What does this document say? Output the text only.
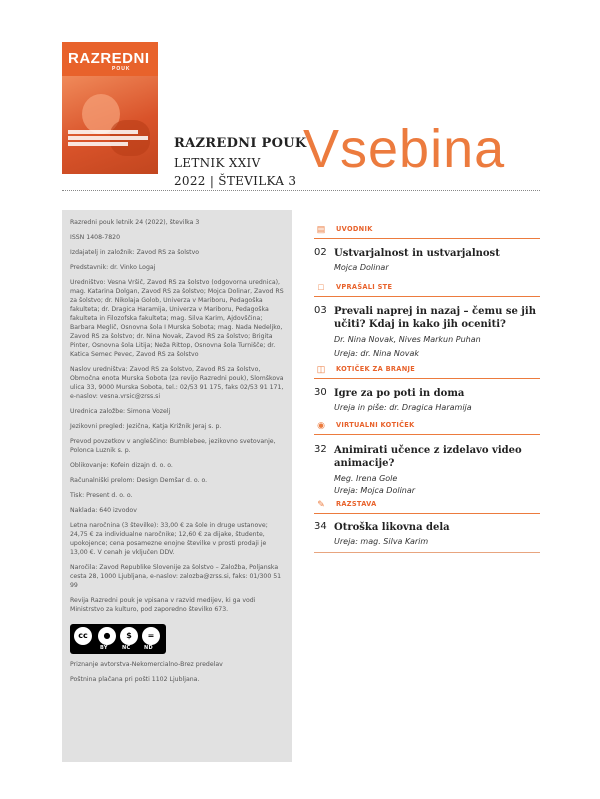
RAZREDNI
POUK
RAZREDNI POUK
LETNIK XXIV
2022 | ŠTEVILKA 3
Vsebina

Razredni pouk letnik 24 (2022), številka 3

ISSN 1408-7820

Izdajatelj in založnik: Zavod RS za šolstvo

Predstavnik: dr. Vinko Logaj

Uredništvo: Vesna Vršič, Zavod RS za šolstvo (odgovorna urednica), mag. Katarina Dolgan, Zavod RS za šolstvo; Mojca Dolinar, Zavod RS za šolstvo; dr. Nikolaja Golob, Univerza v Mariboru, Pedagoška fakulteta; dr. Dragica Haramija, Univerza v Mariboru, Pedagoška fakulteta in Filozofska fakulteta; mag. Silva Karim, Ajdovščina; Barbara Meglič, Osnovna šola I Murska Sobota; mag. Nada Nedeljko, Zavod RS za šolstvo; dr. Nina Novak, Zavod RS za šolstvo; Brigita Pinter, Osnovna šola Litija; Neža Rittop, Osnovna šola Turnišče; dr. Katica Semec Pevec, Zavod RS za šolstvo

Naslov uredništva: Zavod RS za šolstvo, Zavod RS za šolstvo, Območna enota Murska Sobota (za revijo Razredni pouk), Slomškova ulica 33, 9000 Murska Sobota, tel.: 02/53 91 175, faks 02/53 91 171, e-naslov: vesna.vrsic@zrss.si

Urednica založbe: Simona Vozelj

Jezikovni pregled: Jezičnа, Katja Križnik Jeraj s. p.

Prevod povzetkov v angleščino: Bumblebee, jezikovno svetovanje, Polonca Luznik s. p.

Oblikovanje: Kofein dizajn d. o. o.

Računalniški prelom: Design Demšar d. o. o.

Tisk: Present d. o. o.

Naklada: 640 izvodov

Letna naročnina (3 številke): 33,00 € za šole in druge ustanove; 24,75 € za individualne naročnike; 12,60 € za dijake, študente, upokojence; cena posamezne enojne številke v prosti prodaji je 13,00 €. V cenah je vključen DDV.

Naročila: Zavod Republike Slovenije za šolstvo – Založba, Poljanska cesta 28, 1000 Ljubljana, e-naslov: zalozba@zrss.si, faks: 01/300 51 99

Revija Razredni pouk je vpisana v razvid medijev, ki ga vodi Ministrstvo za kulturo, pod zaporedno številko 673.

cc	●	$	=
BY	NC	ND

Priznanje avtorstva-Nekomercialno-Brez predelav

Poštnina plačana pri pošti 1102 Ljubljana.

▤ UVODNIK
02 Ustvarjalnost in ustvarjalnost
Mojca Dolinar
□	VPRAŠALI STE
03 Prevali naprej in nazaj – čemu se jih učiti? Kdaj in kako jih oceniti?
Dr. Nina Novak, Nives Markun Puhan
Ureja: dr. Nina Novak
◫ KOTIČEK ZA BRANJE
30 Igre za po poti in doma
Ureja in piše: dr. Dragica Haramija
◉ VIRTUALNI KOTIČEK
32 Animirati učence z izdelavo video animacije?
Meg. Irena Gole
Ureja: Mojca Dolinar
✎ RAZSTAVA
34 Otroška likovna dela
Ureja: mag. Silva Karim
